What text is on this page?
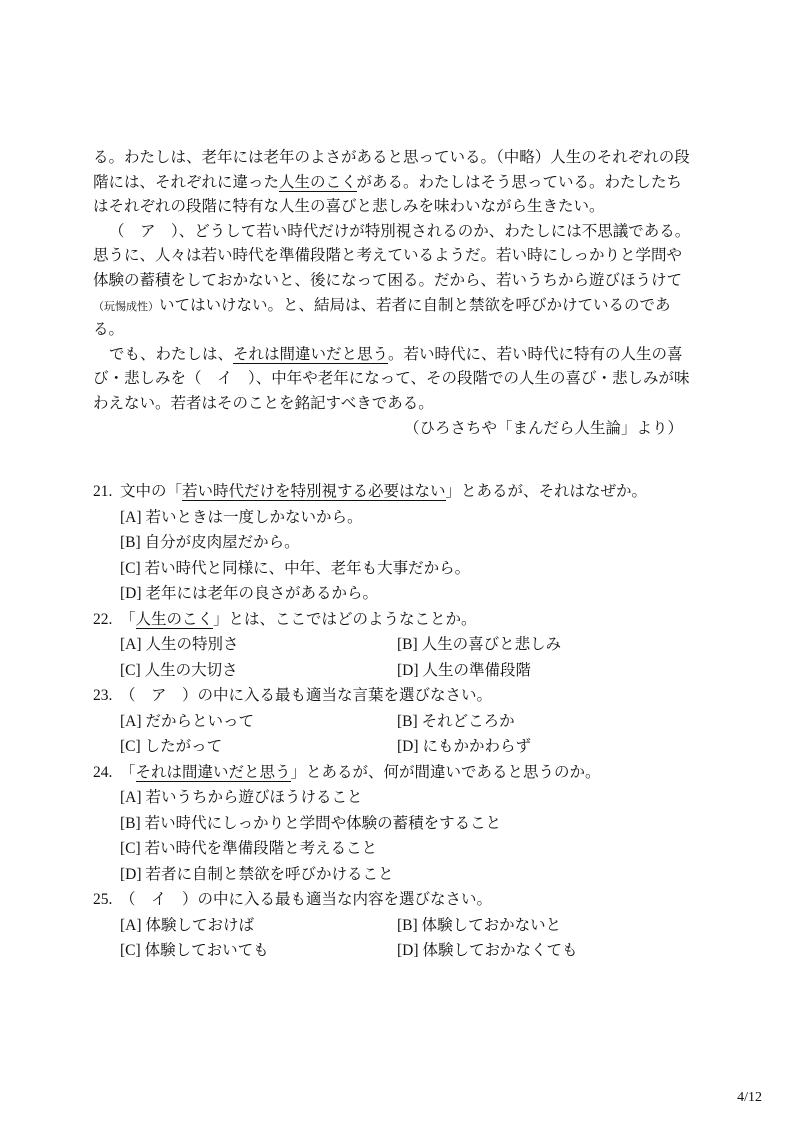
る。わたしは、老年には老年のよさがあると思っている。（中略）人生のそれぞれの段
階には、それぞれに違った人生のこくがある。わたしはそう思っている。わたしたち
はそれぞれの段階に特有な人生の喜びと悲しみを味わいながら生きたい。
（　ア　）、どうして若い時代だけが特別視されるのか、わたしには不思議である。
思うに、人々は若い時代を準備段階と考えているようだ。若い時にしっかりと学問や
体験の蓄積をしておかないと、後になって困る。だから、若いうちから遊びほうけて
（玩惕成性）いてはいけない。と、結局は、若者に自制と禁欲を呼びかけているのであ
る。
でも、わたしは、それは間違いだと思う。若い時代に、若い時代に特有の人生の喜
び・悲しみを（　イ　）、中年や老年になって、その段階での人生の喜び・悲しみが味
わえない。若者はそのことを銘記すべきである。
（ひろさちや「まんだら人生論」より）
21. 文中の「若い時代だけを特別視する必要はない」とあるが、それはなぜか。
[A] 若いときは一度しかないから。
[B] 自分が皮肉屋だから。
[C] 若い時代と同様に、中年、老年も大事だから。
[D] 老年には老年の良さがあるから。
22. 「人生のこく」とは、ここではどのようなことか。
[A] 人生の特別さ	[B] 人生の喜びと悲しみ
[C] 人生の大切さ	[D] 人生の準備段階
23. （　ア　）の中に入る最も適当な言葉を選びなさい。
[A] だからといって	[B] それどころか
[C] したがって	[D] にもかかわらず
24. 「それは間違いだと思う」とあるが、何が間違いであると思うのか。
[A] 若いうちから遊びほうけること
[B] 若い時代にしっかりと学問や体験の蓄積をすること
[C] 若い時代を準備段階と考えること
[D] 若者に自制と禁欲を呼びかけること
25. （　イ　）の中に入る最も適当な内容を選びなさい。
[A] 体験しておけば	[B] 体験しておかないと
[C] 体験しておいても	[D] 体験しておかなくても
4/12
